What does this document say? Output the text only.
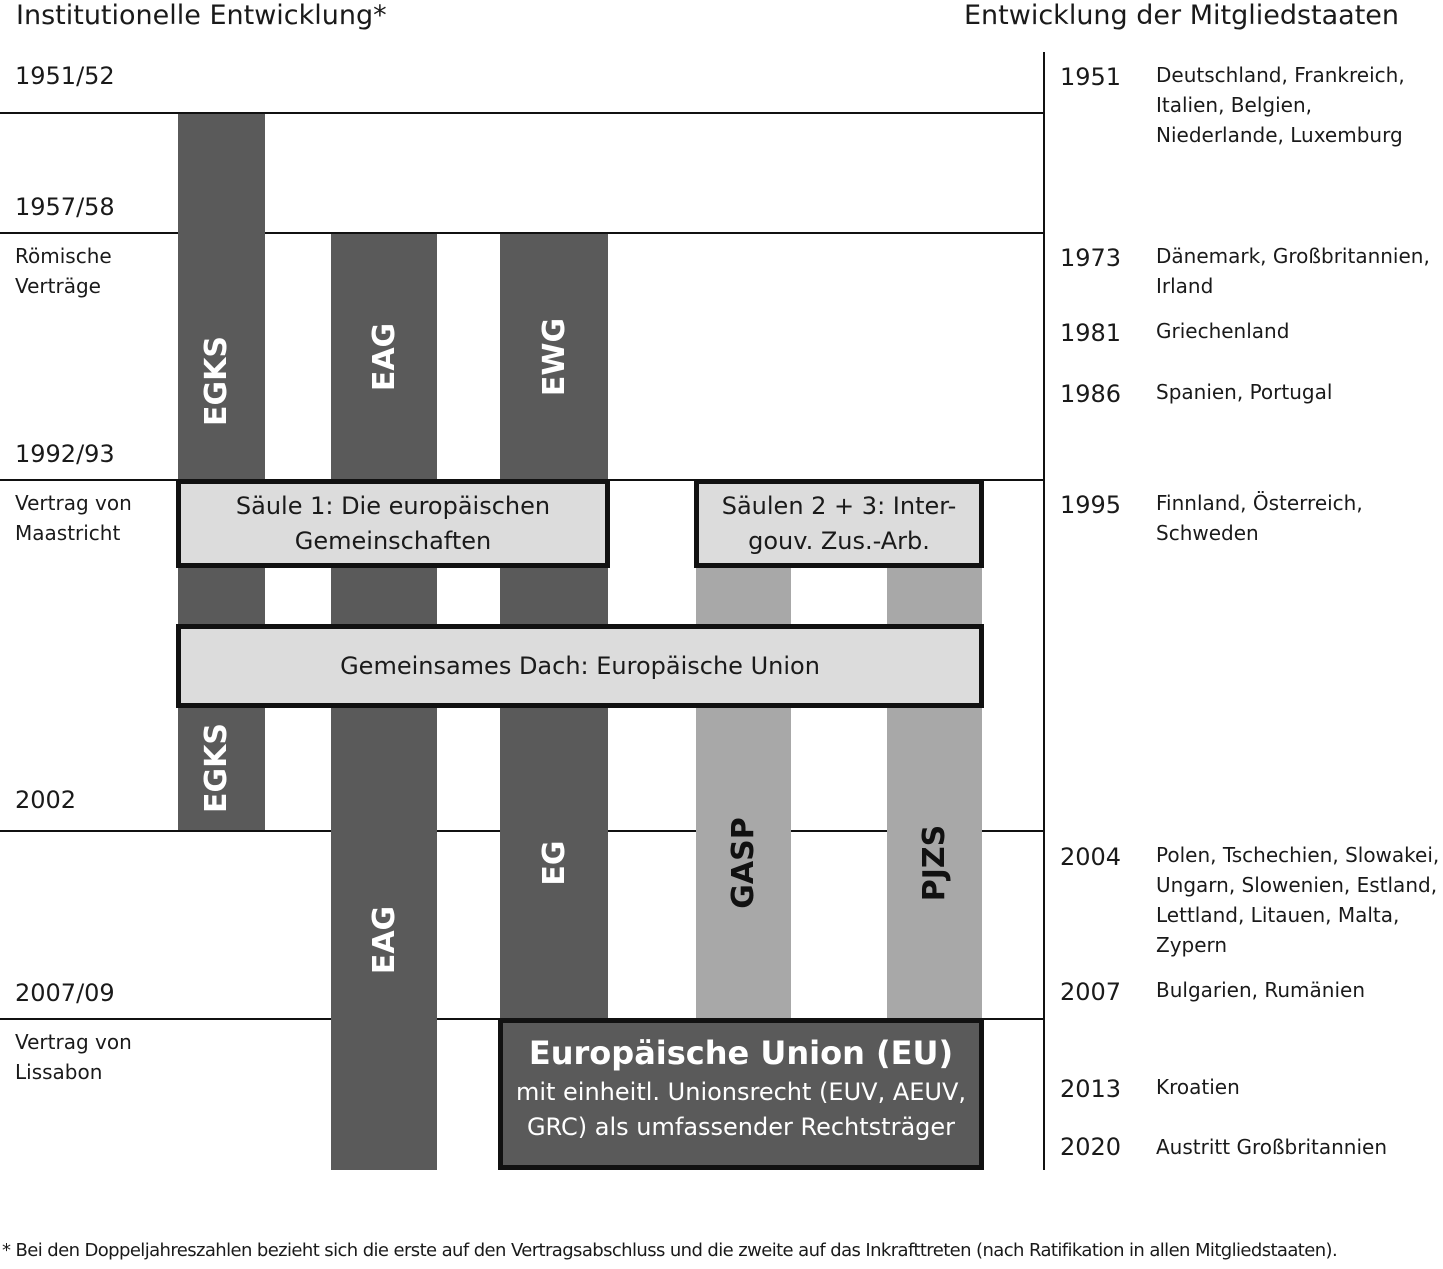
Institutionelle Entwicklung*	Entwicklung der Mitgliedstaaten
1951/52
1957/58
1992/93
2002
2007/09
Römische
Verträge
Vertrag von
Maastricht
Vertrag von
Lissabon
EGKS	EAG	EWG
EGKS
EAG
EG	GASP	PJZS
Säule 1: Die europäischen
Gemeinschaften
Säulen 2 + 3: Inter-
gouv. Zus.-Arb.
Gemeinsames Dach: Europäische Union
Europäische Union (EU)
mit einheitl. Unionsrecht (EUV, AEUV,
GRC) als umfassender Rechtsträger
1951 Deutschland, Frankreich,
Italien, Belgien,
Niederlande, Luxemburg
1973 Dänemark, Großbritannien,
Irland
1981 Griechenland
1986 Spanien, Portugal
1995 Finnland, Österreich,
Schweden
2004 Polen, Tschechien, Slowakei,
Ungarn, Slowenien, Estland,
Lettland, Litauen, Malta,
Zypern
2007 Bulgarien, Rumänien
2013 Kroatien
2020 Austritt Großbritannien
* Bei den Doppeljahreszahlen bezieht sich die erste auf den Vertragsabschluss und die zweite auf das Inkrafttreten (nach Ratifikation in allen Mitgliedstaaten).
